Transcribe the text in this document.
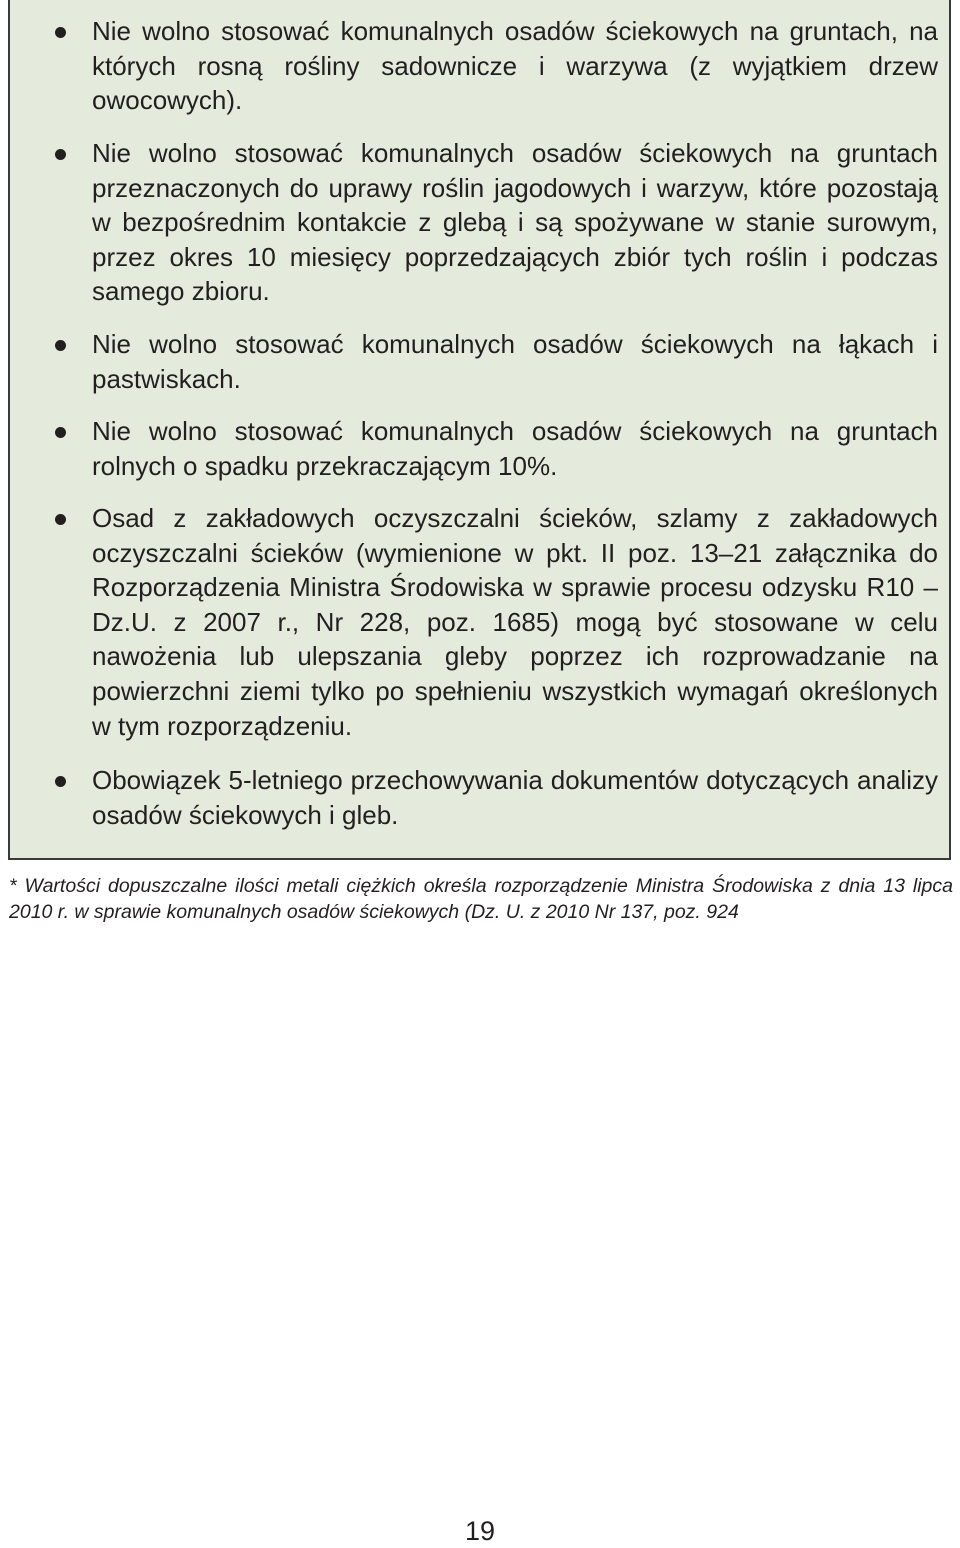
Nie wolno stosować komunalnych osadów ściekowych na gruntach, na których rosną rośliny sadownicze i warzywa (z wyjątkiem drzew owocowych).

Nie wolno stosować komunalnych osadów ściekowych na gruntach przeznaczonych do uprawy roślin jagodowych i warzyw, które pozostają w bezpośrednim kontakcie z glebą i są spożywane w stanie surowym, przez okres 10 miesięcy poprzedzających zbiór tych roślin i podczas samego zbioru.

Nie wolno stosować komunalnych osadów ściekowych na łąkach i pastwiskach.

Nie wolno stosować komunalnych osadów ściekowych na gruntach rolnych o spadku przekraczającym 10%.

Osad z zakładowych oczyszczalni ścieków, szlamy z zakładowych oczyszczalni ścieków (wymienione w pkt. II poz. 13–21 załącznika do Rozporządzenia Ministra Środowiska w sprawie procesu odzysku R10 – Dz.U. z 2007 r., Nr 228, poz. 1685) mogą być stosowane w celu nawożenia lub ulepszania gleby poprzez ich rozprowadzanie na powierzchni ziemi tylko po spełnieniu wszystkich wymagań określonych w tym rozporządzeniu.

Obowiązek 5-letniego przechowywania dokumentów dotyczących analizy osadów ściekowych i gleb.

* Wartości dopuszczalne ilości metali ciężkich określa rozporządzenie Ministra Środowiska z dnia 13 lipca 2010 r. w sprawie komunalnych osadów ściekowych (Dz. U. z 2010 Nr 137, poz. 924

19
